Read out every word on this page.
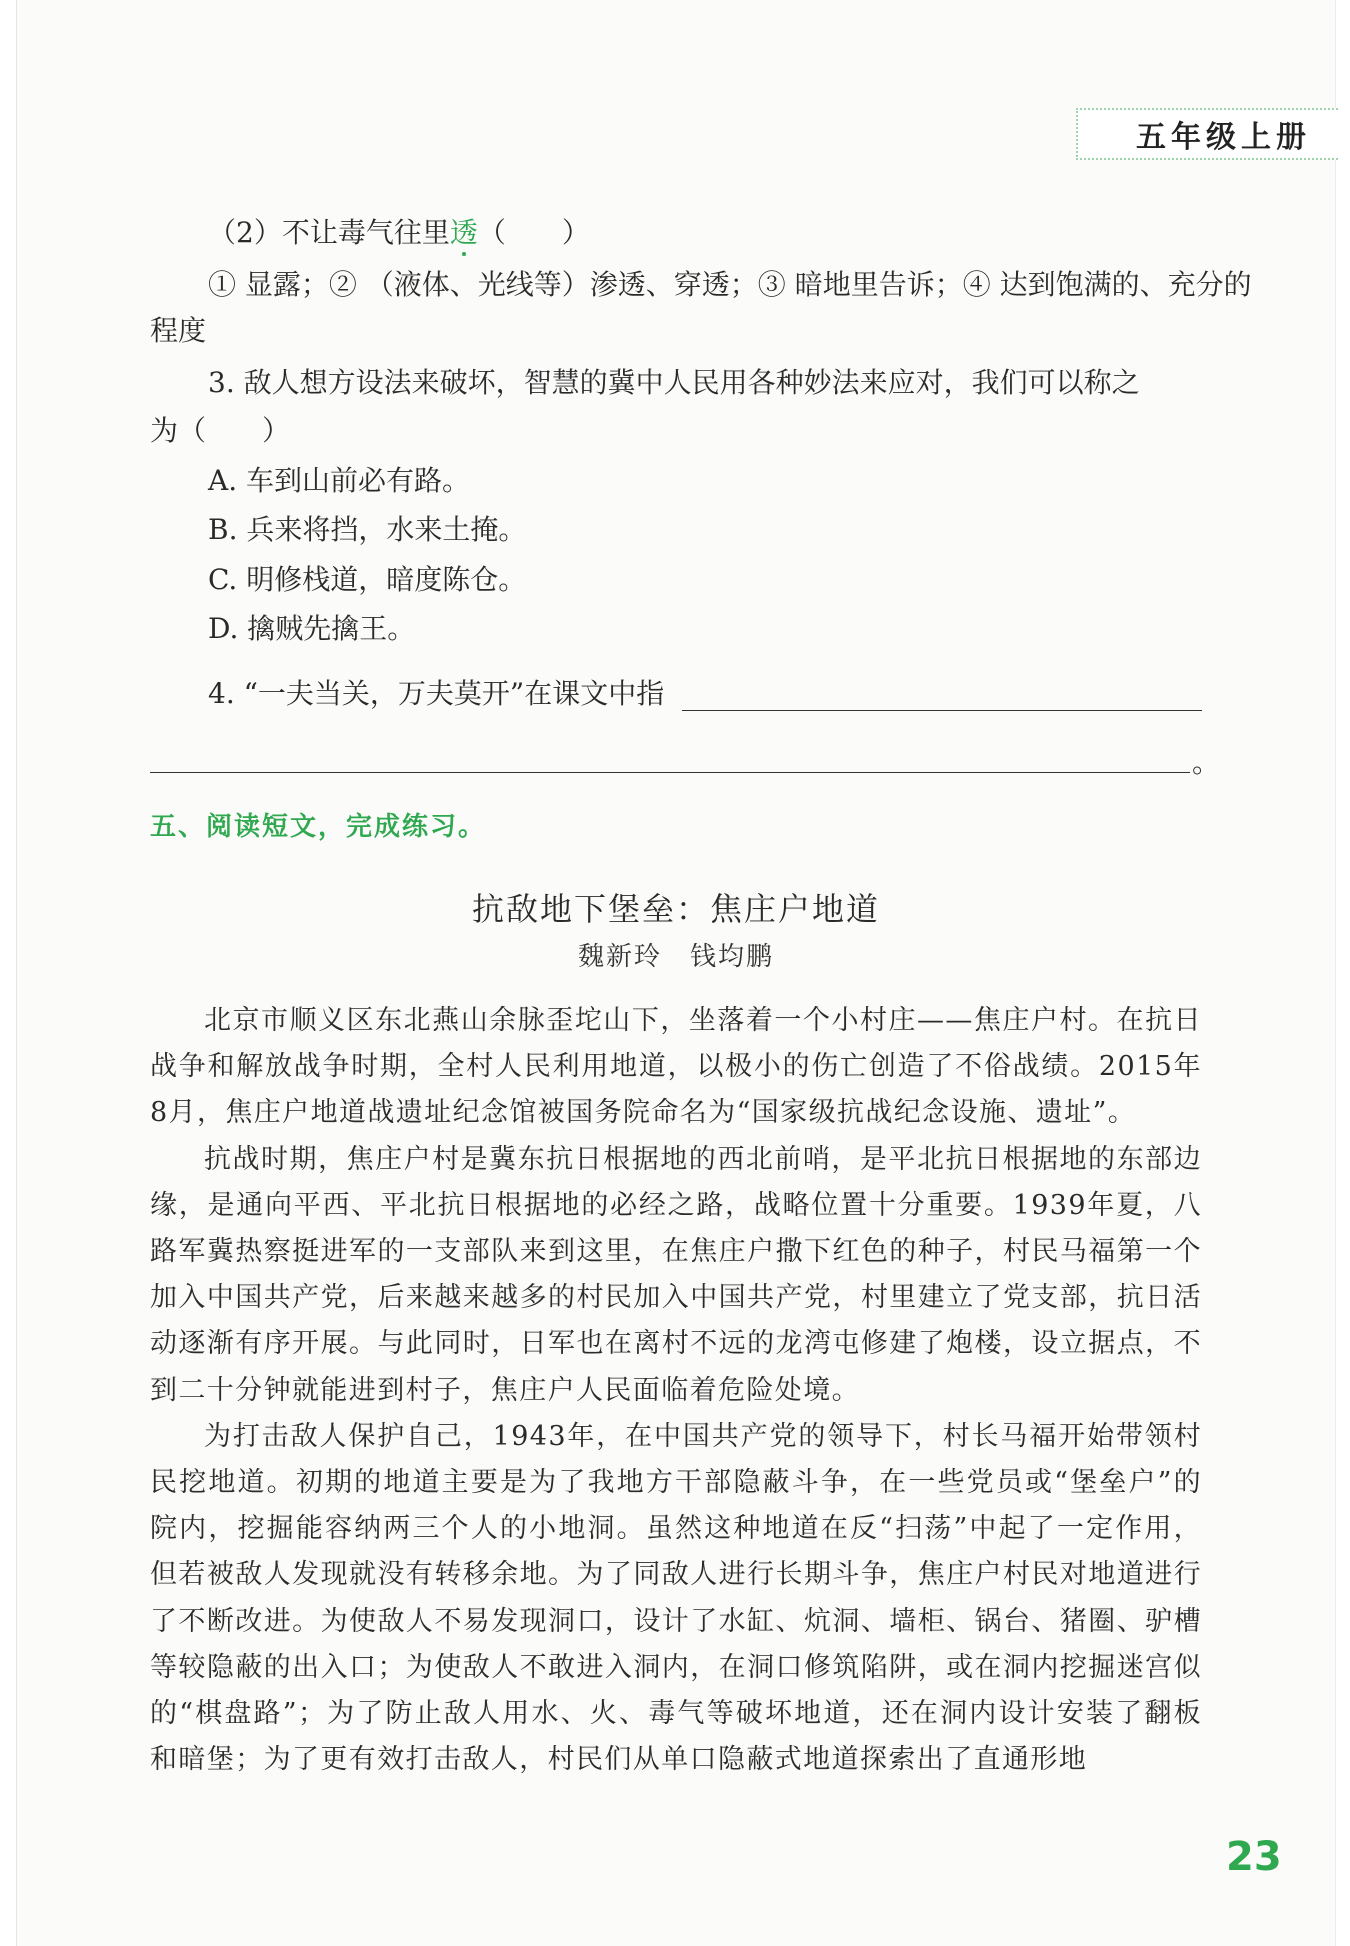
五年级上册
（2）不让毒气往里透（　　）
① 显露；② （液体、光线等）渗透、穿透；③ 暗地里告诉；④ 达到饱满的、充分的
程度
3. 敌人想方设法来破坏，智慧的冀中人民用各种妙法来应对，我们可以称之
为（　　）
A. 车到山前必有路。
B. 兵来将挡，水来土掩。
C. 明修栈道，暗度陈仓。
D. 擒贼先擒王。
4. “一夫当关，万夫莫开”在课文中指
。
五、阅读短文，完成练习。
抗敌地下堡垒：焦庄户地道
魏新玲　钱均鹏

北京市顺义区东北燕山余脉歪坨山下，坐落着一个小村庄——焦庄户村。在抗日战争和解放战争时期，全村人民利用地道，以极小的伤亡创造了不俗战绩。2015年8月，焦庄户地道战遗址纪念馆被国务院命名为“国家级抗战纪念设施、遗址”。

抗战时期，焦庄户村是冀东抗日根据地的西北前哨，是平北抗日根据地的东部边缘，是通向平西、平北抗日根据地的必经之路，战略位置十分重要。1939年夏，八路军冀热察挺进军的一支部队来到这里，在焦庄户撒下红色的种子，村民马福第一个加入中国共产党，后来越来越多的村民加入中国共产党，村里建立了党支部，抗日活动逐渐有序开展。与此同时，日军也在离村不远的龙湾屯修建了炮楼，设立据点，不到二十分钟就能进到村子，焦庄户人民面临着危险处境。

为打击敌人保护自己，1943年，在中国共产党的领导下，村长马福开始带领村民挖地道。初期的地道主要是为了我地方干部隐蔽斗争，在一些党员或“堡垒户”的院内，挖掘能容纳两三个人的小地洞。虽然这种地道在反“扫荡”中起了一定作用，但若被敌人发现就没有转移余地。为了同敌人进行长期斗争，焦庄户村民对地道进行了不断改进。为使敌人不易发现洞口，设计了水缸、炕洞、墙柜、锅台、猪圈、驴槽等较隐蔽的出入口；为使敌人不敢进入洞内，在洞口修筑陷阱，或在洞内挖掘迷宫似的“棋盘路”；为了防止敌人用水、火、毒气等破坏地道，还在洞内设计安装了翻板和暗堡；为了更有效打击敌人，村民们从单口隐蔽式地道探索出了直通形地

23
